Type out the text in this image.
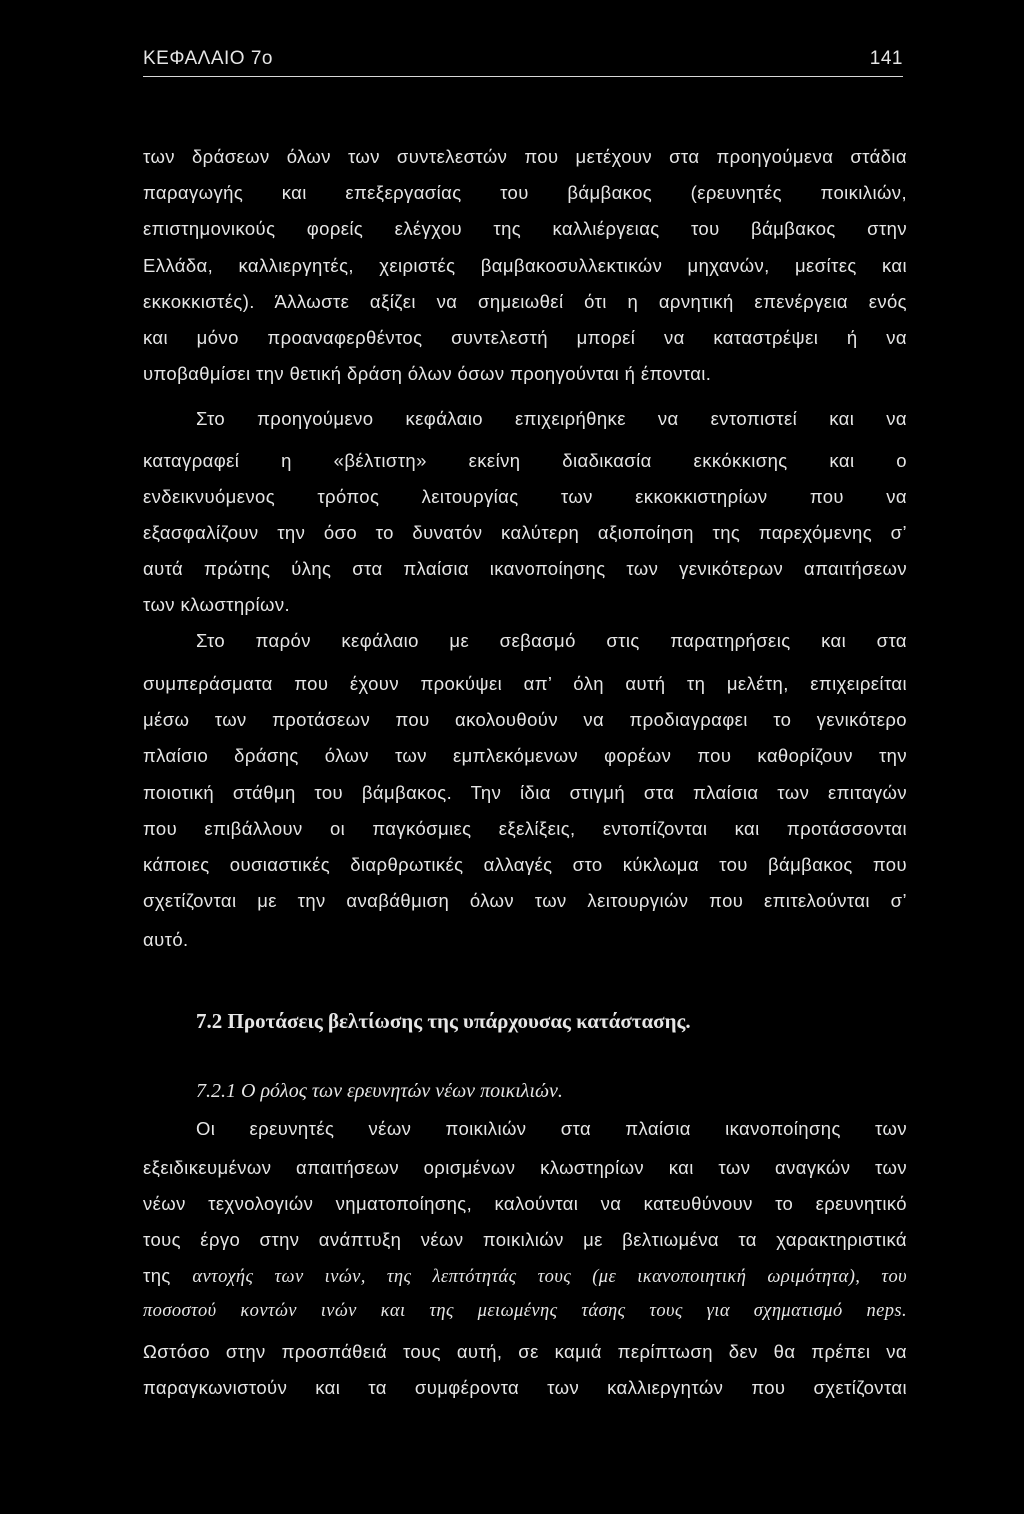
ΚΕΦΑΛΑΙΟ 7ο	141
των δράσεων όλων των συντελεστών που μετέχουν στα προηγούμενα στάδια
παραγωγής και επεξεργασίας του βάμβακος (ερευνητές ποικιλιών,
επιστημονικούς φορείς ελέγχου της καλλιέργειας του βάμβακος στην
Ελλάδα, καλλιεργητές, χειριστές βαμβακοσυλλεκτικών μηχανών, μεσίτες και
εκκοκκιστές). Άλλωστε αξίζει να σημειωθεί ότι η αρνητική επενέργεια ενός
και μόνο προαναφερθέντος συντελεστή μπορεί να καταστρέψει ή να
υποβαθμίσει την θετική δράση όλων όσων προηγούνται ή έπονται.
Στο προηγούμενο κεφάλαιο επιχειρήθηκε να εντοπιστεί και να
καταγραφεί η «βέλτιστη» εκείνη διαδικασία εκκόκκισης και ο
ενδεικνυόμενος τρόπος λειτουργίας των εκκοκκιστηρίων που να
εξασφαλίζουν την όσο το δυνατόν καλύτερη αξιοποίηση της παρεχόμενης σ’
αυτά πρώτης ύλης στα πλαίσια ικανοποίησης των γενικότερων απαιτήσεων
των κλωστηρίων.
Στο παρόν κεφάλαιο με σεβασμό στις παρατηρήσεις και στα
συμπεράσματα που έχουν προκύψει απ’ όλη αυτή τη μελέτη, επιχειρείται
μέσω των προτάσεων που ακολουθούν να προδιαγραφει το γενικότερο
πλαίσιο δράσης όλων των εμπλεκόμενων φορέων που καθορίζουν την
ποιοτική στάθμη του βάμβακος. Την ίδια στιγμή στα πλαίσια των επιταγών
που επιβάλλουν οι παγκόσμιες εξελίξεις, εντοπίζονται και προτάσσονται
κάποιες ουσιαστικές διαρθρωτικές αλλαγές στο κύκλωμα του βάμβακος που
σχετίζονται με την αναβάθμιση όλων των λειτουργιών που επιτελούνται σ’
αυτό.
7.2 Προτάσεις βελτίωσης της υπάρχουσας κατάστασης.
7.2.1 Ο ρόλος των ερευνητών νέων ποικιλιών.
Οι ερευνητές νέων ποικιλιών στα πλαίσια ικανοποίησης των
εξειδικευμένων απαιτήσεων ορισμένων κλωστηρίων και των αναγκών των
νέων τεχνολογιών νηματοποίησης, καλούνται να κατευθύνουν το ερευνητικό
τους έργο στην ανάπτυξη νέων ποικιλιών με βελτιωμένα τα χαρακτηριστικά
της αντοχής των ινών, της λεπτότητάς τους (με ικανοποιητική ωριμότητα), του
ποσοστού κοντών ινών και της μειωμένης τάσης τους για σχηματισμό neps.
Ωστόσο στην προσπάθειά τους αυτή, σε καμιά περίπτωση δεν θα πρέπει να
παραγκωνιστούν και τα συμφέροντα των καλλιεργητών που σχετίζονται
